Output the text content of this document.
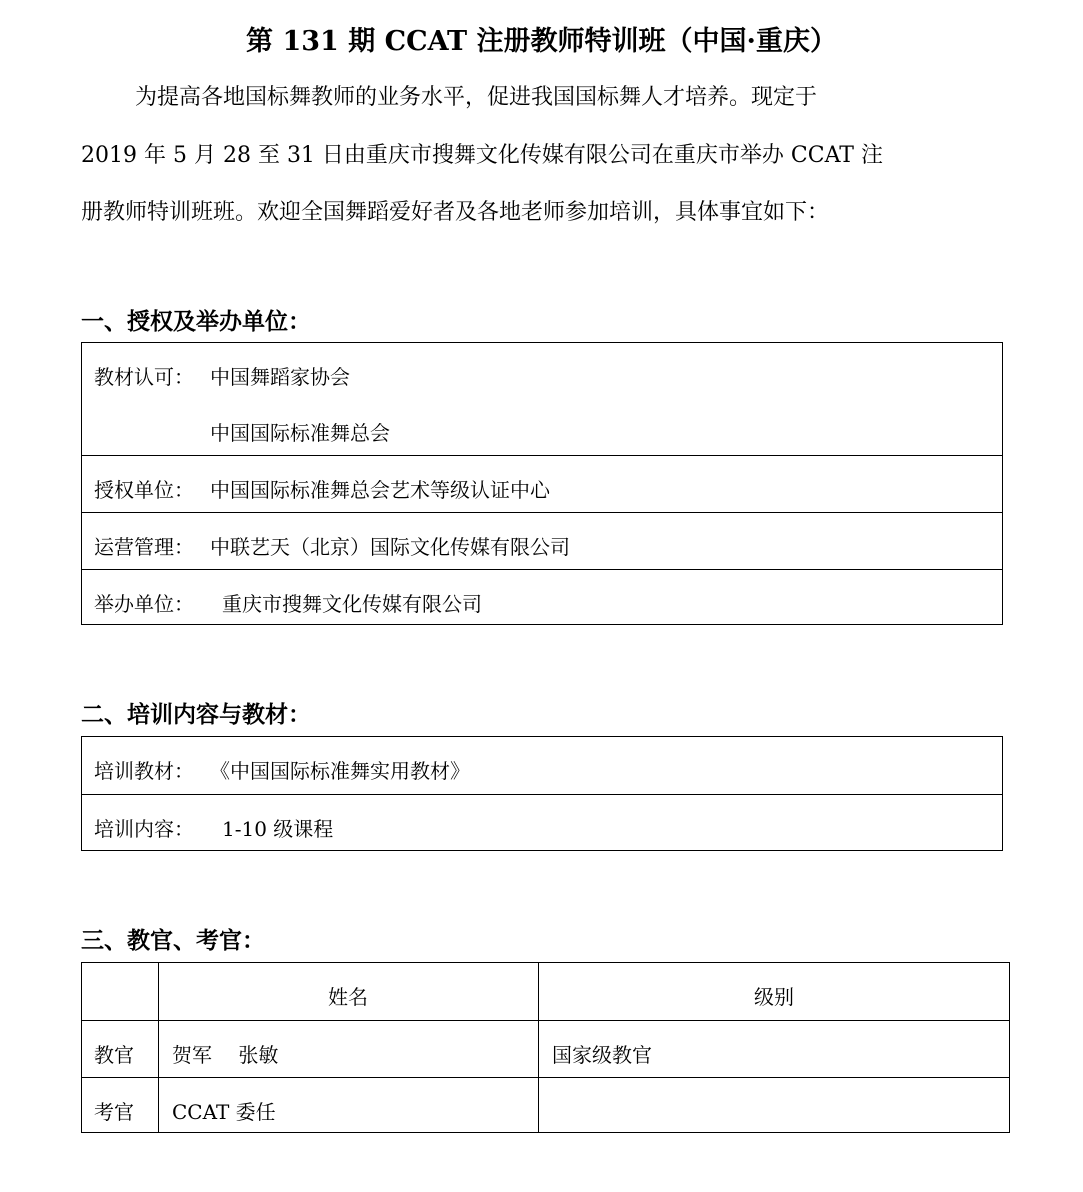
第 131 期 CCAT 注册教师特训班（中国·重庆）
为提高各地国标舞教师的业务水平，促进我国国标舞人才培养。现定于
2019 年 5 月 28 至 31 日由重庆市搜舞文化传媒有限公司在重庆市举办 CCAT 注
册教师特训班班。欢迎全国舞蹈爱好者及各地老师参加培训，具体事宜如下：
一、授权及举办单位：
教材认可： 中国舞蹈家协会
中国国际标准舞总会
授权单位： 中国国际标准舞总会艺术等级认证中心
运营管理： 中联艺天（北京）国际文化传媒有限公司
举办单位： 重庆市搜舞文化传媒有限公司
二、培训内容与教材：
培训教材： 《中国国际标准舞实用教材》
培训内容： 1-10 级课程
三、教官、考官：
姓名	级别
教官 贺军　 张敏	国家级教官
考官 CCAT 委任
